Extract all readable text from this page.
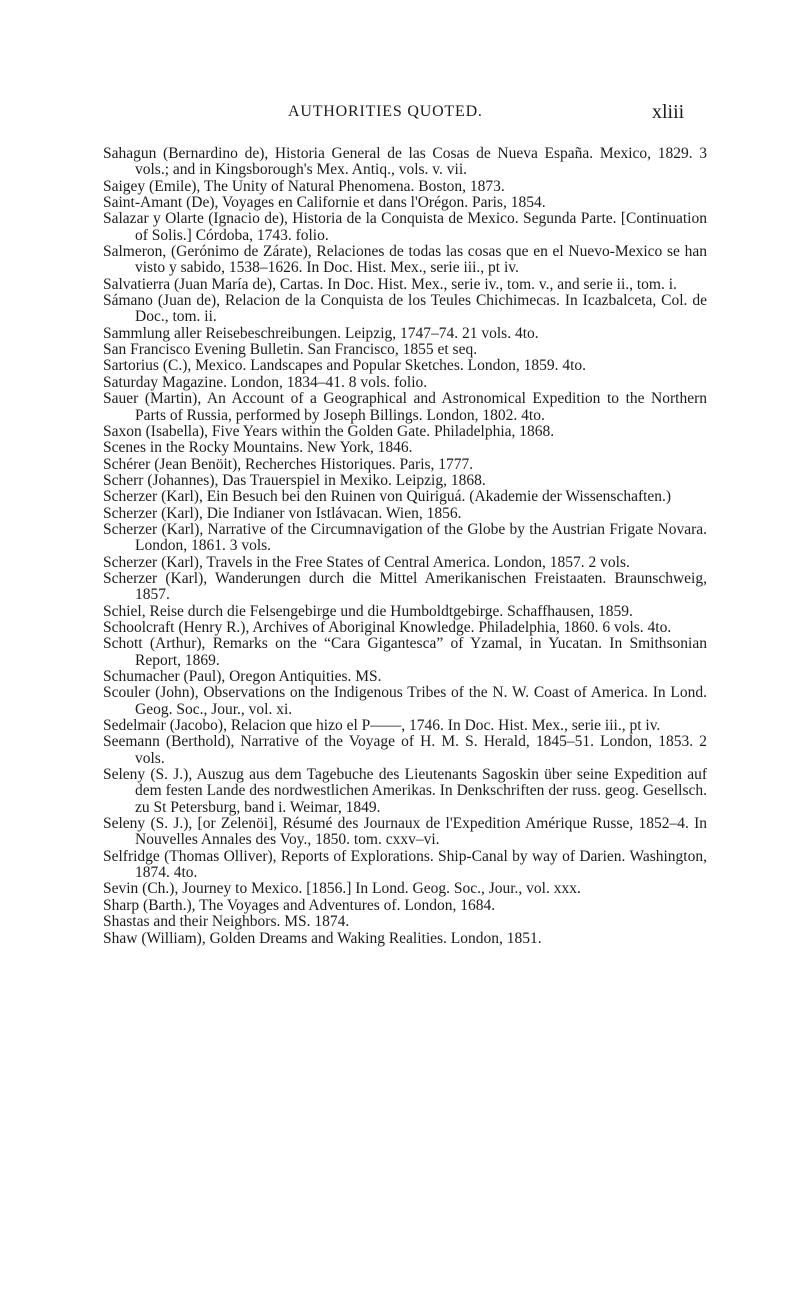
AUTHORITIES QUOTED.	xliii

Sahagun (Bernardino de), Historia General de las Cosas de Nueva España. Mexico, 1829. 3 vols.; and in Kingsborough's Mex. Antiq., vols. v. vii.

Saigey (Emile), The Unity of Natural Phenomena. Boston, 1873.

Saint-Amant (De), Voyages en Californie et dans l'Orégon. Paris, 1854.

Salazar y Olarte (Ignacio de), Historia de la Conquista de Mexico. Segunda Parte. [Continuation of Solis.] Córdoba, 1743. folio.

Salmeron, (Gerónimo de Zárate), Relaciones de todas las cosas que en el Nuevo-Mexico se han visto y sabido, 1538–1626. In Doc. Hist. Mex., serie iii., pt iv.

Salvatierra (Juan María de), Cartas. In Doc. Hist. Mex., serie iv., tom. v., and serie ii., tom. i.

Sámano (Juan de), Relacion de la Conquista de los Teules Chichimecas. In Icazbalceta, Col. de Doc., tom. ii.

Sammlung aller Reisebeschreibungen. Leipzig, 1747–74. 21 vols. 4to.

San Francisco Evening Bulletin. San Francisco, 1855 et seq.

Sartorius (C.), Mexico. Landscapes and Popular Sketches. London, 1859. 4to.

Saturday Magazine. London, 1834–41. 8 vols. folio.

Sauer (Martin), An Account of a Geographical and Astronomical Expedition to the Northern Parts of Russia, performed by Joseph Billings. London, 1802. 4to.

Saxon (Isabella), Five Years within the Golden Gate. Philadelphia, 1868.

Scenes in the Rocky Mountains. New York, 1846.

Schérer (Jean Benöit), Recherches Historiques. Paris, 1777.

Scherr (Johannes), Das Trauerspiel in Mexiko. Leipzig, 1868.

Scherzer (Karl), Ein Besuch bei den Ruinen von Quiriguá. (Akademie der Wissenschaften.)

Scherzer (Karl), Die Indianer von Istlávacan. Wien, 1856.

Scherzer (Karl), Narrative of the Circumnavigation of the Globe by the Austrian Frigate Novara. London, 1861. 3 vols.

Scherzer (Karl), Travels in the Free States of Central America. London, 1857. 2 vols.

Scherzer (Karl), Wanderungen durch die Mittel Amerikanischen Freistaaten. Braunschweig, 1857.

Schiel, Reise durch die Felsengebirge und die Humboldtgebirge. Schaffhausen, 1859.

Schoolcraft (Henry R.), Archives of Aboriginal Knowledge. Philadelphia, 1860. 6 vols. 4to.

Schott (Arthur), Remarks on the “Cara Gigantesca” of Yzamal, in Yucatan. In Smithsonian Report, 1869.

Schumacher (Paul), Oregon Antiquities. MS.

Scouler (John), Observations on the Indigenous Tribes of the N. W. Coast of America. In Lond. Geog. Soc., Jour., vol. xi.

Sedelmair (Jacobo), Relacion que hizo el P——, 1746. In Doc. Hist. Mex., serie iii., pt iv.

Seemann (Berthold), Narrative of the Voyage of H. M. S. Herald, 1845–51. London, 1853. 2 vols.

Seleny (S. J.), Auszug aus dem Tagebuche des Lieutenants Sagoskin über seine Expedition auf dem festen Lande des nordwestlichen Amerikas. In Denkschriften der russ. geog. Gesellsch. zu St Petersburg, band i. Weimar, 1849.

Seleny (S. J.), [or Zelenöi], Résumé des Journaux de l'Expedition Amérique Russe, 1852–4. In Nouvelles Annales des Voy., 1850. tom. cxxv–vi.

Selfridge (Thomas Olliver), Reports of Explorations. Ship-Canal by way of Darien. Washington, 1874. 4to.

Sevin (Ch.), Journey to Mexico. [1856.] In Lond. Geog. Soc., Jour., vol. xxx.

Sharp (Barth.), The Voyages and Adventures of. London, 1684.

Shastas and their Neighbors. MS. 1874.

Shaw (William), Golden Dreams and Waking Realities. London, 1851.
